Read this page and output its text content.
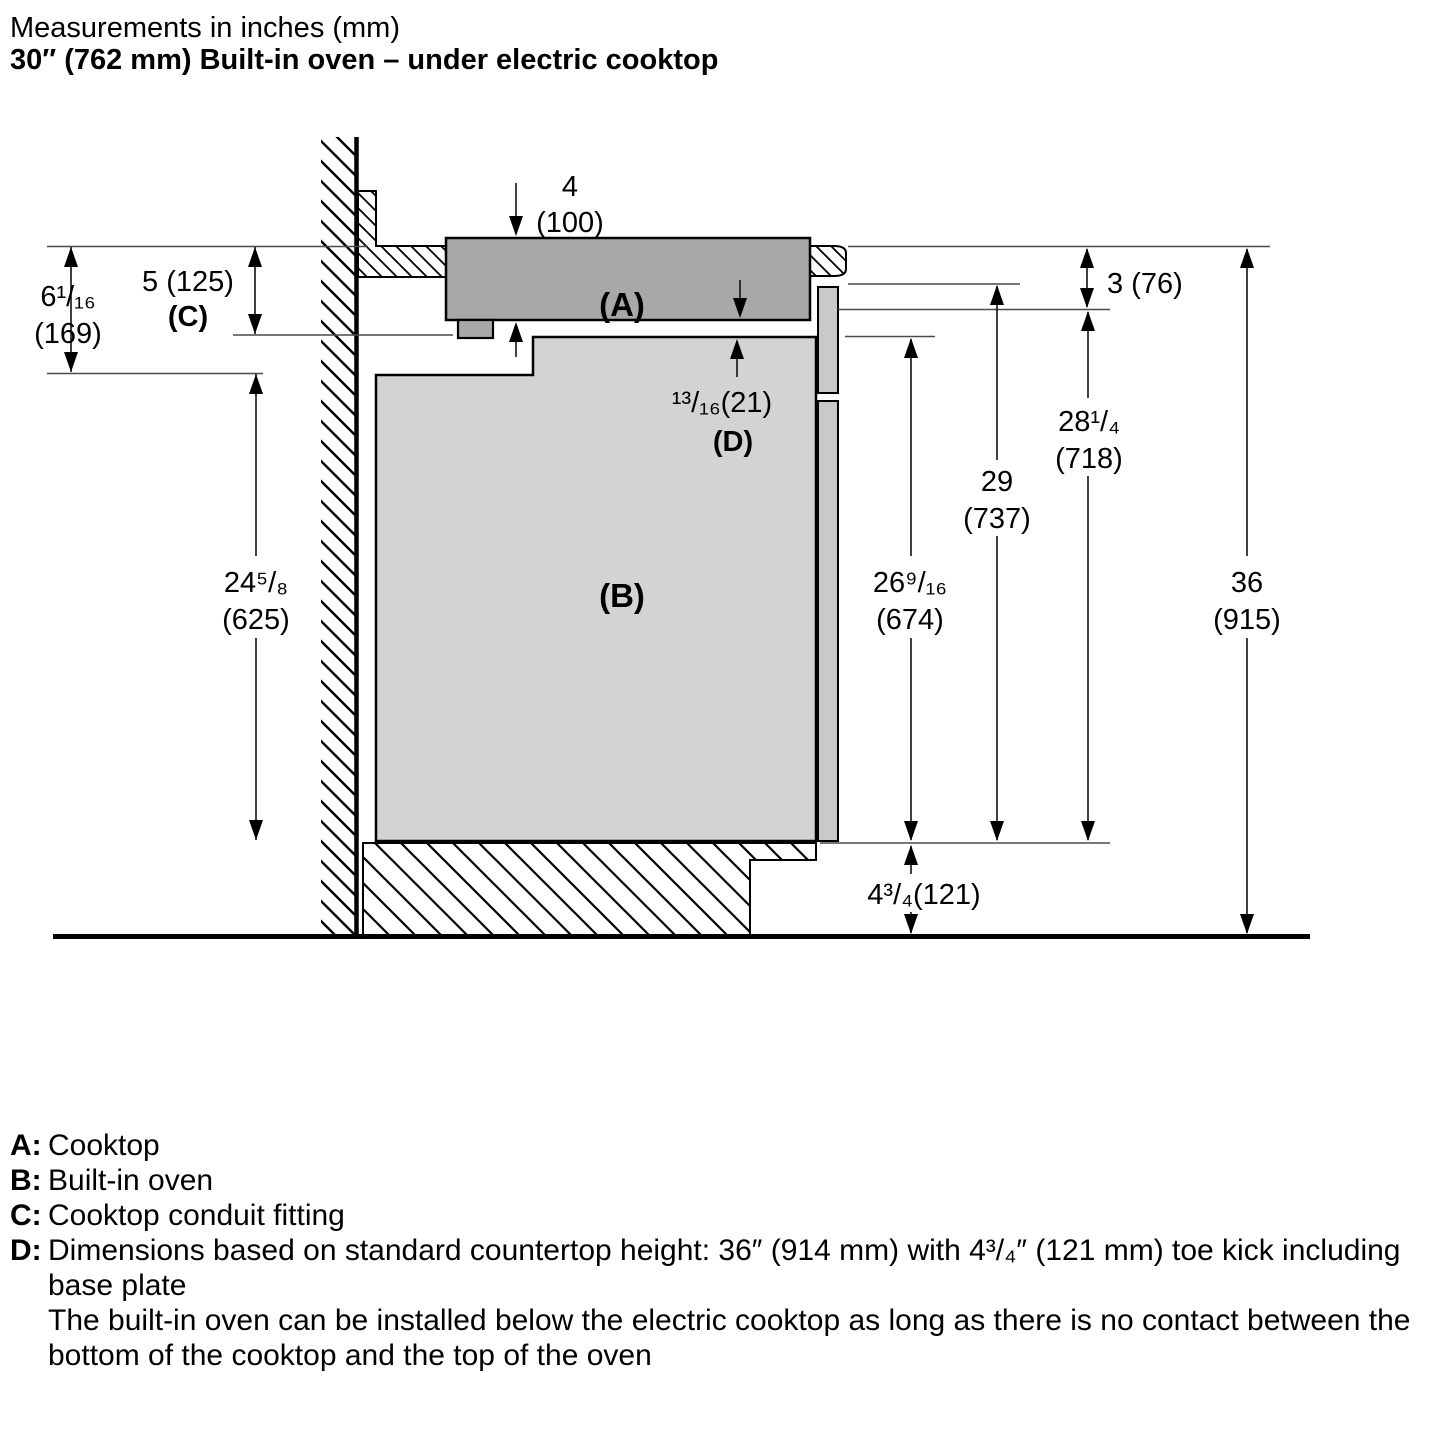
Measurements in inches (mm)
30″ (762 mm) Built-in oven – under electric cooktop
4
(100)
6¹/₁₆
(169)
5 (125)
(C)
¹³/₁₆(21)
(D)
3 (76)
28¹/₄
(718)
29
(737)
26⁹/₁₆
(674)
36
(915)
24⁵/₈
(625)
4³/₄(121)
(A)
(B)
A: Cooktop
B: Built-in oven
C: Cooktop conduit fitting
D: Dimensions based on standard countertop height: 36″ (914 mm) with 4³/₄″ (121 mm) toe kick including base plate
The built-in oven can be installed below the electric cooktop as long as there is no contact between the bottom of the cooktop and the top of the oven
